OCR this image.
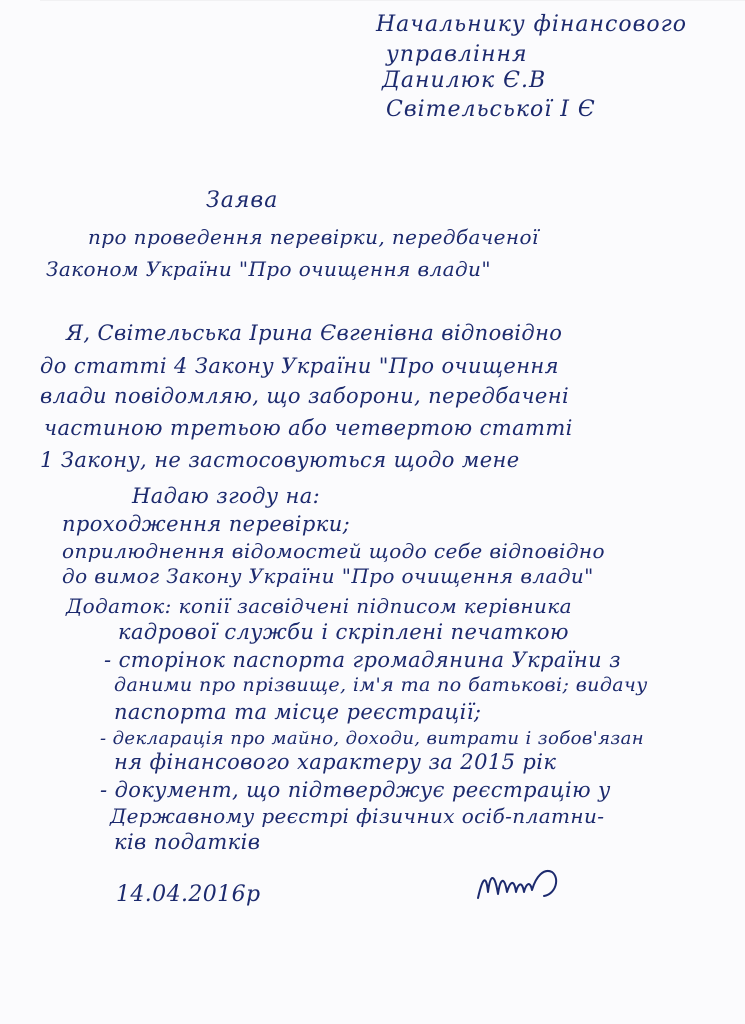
Начальнику фінансового
управління
Данилюк Є.В
Світельської І Є
Заява
про проведення перевірки, передбаченої
Законом України "Про очищення влади"
Я, Світельська Ірина Євгенівна відповідно
до статті 4 Закону України "Про очищення
влади повідомляю, що заборони, передбачені
частиною третьою або четвертою статті
1 Закону, не застосовуються щодо мене
Надаю згоду на:
проходження перевірки;
оприлюднення відомостей щодо себе відповідно
до вимог Закону України "Про очищення влади"
Додаток: копії засвідчені підписом керівника
кадрової служби і скріплені печаткою
- сторінок паспорта громадянина України з
даними про прізвище, ім'я та по батькові; видачу
паспорта та місце реєстрації;
- декларація про майно, доходи, витрати і зобов'язан
ня фінансового характеру за 2015 рік
- документ, що підтверджує реєстрацію у
Державному реєстрі фізичних осіб-платни-
ків податків
14.04.2016р
